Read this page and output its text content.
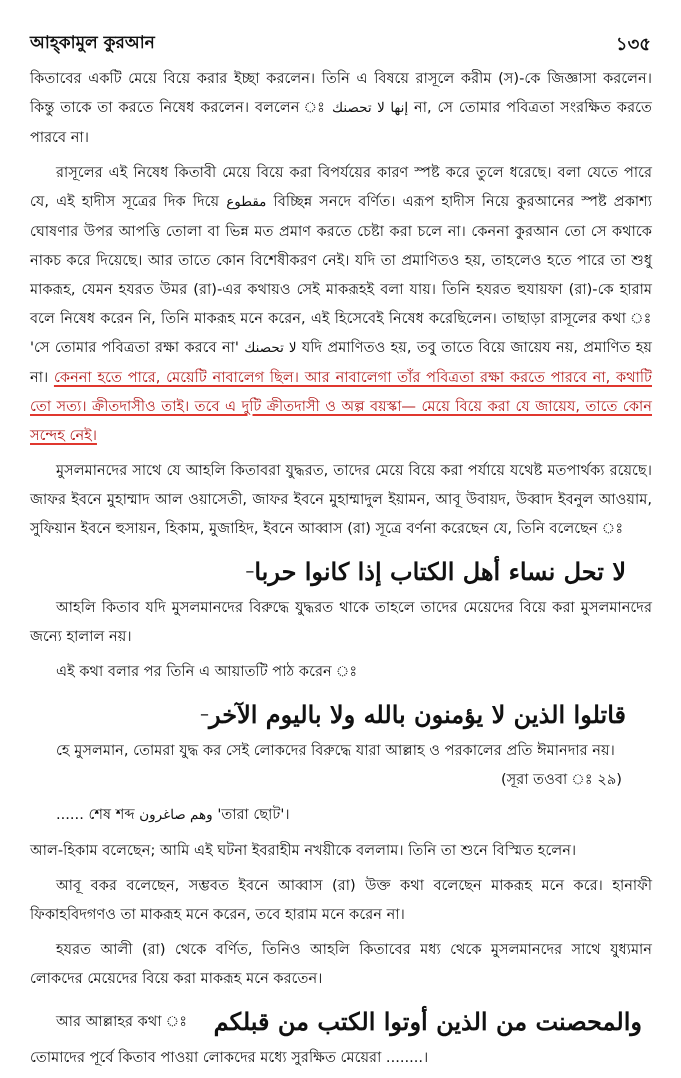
আহ্‌কামুল কুরআন	১৩৫

কিতাবের একটি মেয়ে বিয়ে করার ইচ্ছা করলেন। তিনি এ বিষয়ে রাসূলে করীম (স)-কে জিজ্ঞাসা করলেন। কিন্তু তাকে তা করতে নিষেধ করলেন। বললেন ঃ إنها لا تحصنك না, সে তোমার পবিত্রতা সংরক্ষিত করতে পারবে না।

রাসূলের এই নিষেধ কিতাবী মেয়ে বিয়ে করা বিপর্যয়ের কারণ স্পষ্ট করে তুলে ধরেছে। বলা যেতে পারে যে, এই হাদীস সূত্রের দিক দিয়ে مقطوع বিচ্ছিন্ন সনদে বর্ণিত। এরূপ হাদীস নিয়ে কুরআনের স্পষ্ট প্রকাশ্য ঘোষণার উপর আপত্তি তোলা বা ভিন্ন মত প্রমাণ করতে চেষ্টা করা চলে না। কেননা কুরআন তো সে কথাকে নাকচ করে দিয়েছে। আর তাতে কোন বিশেষীকরণ নেই। যদি তা প্রমাণিতও হয়, তাহলেও হতে পারে তা শুধু মাকরূহ, যেমন হযরত উমর (রা)-এর কথায়ও সেই মাকরূহই বলা যায়। তিনি হযরত হুযায়ফা (রা)-কে হারাম বলে নিষেধ করেন নি, তিনি মাকরূহ মনে করেন, এই হিসেবেই নিষেধ করেছিলেন। তাছাড়া রাসূলের কথা ঃ 'সে তোমার পবিত্রতা রক্ষা করবে না' لا تحصنك যদি প্রমাণিতও হয়, তবু তাতে বিয়ে জায়েয নয়, প্রমাণিত হয় না। কেননা হতে পারে, মেয়েটি নাবালেগ ছিল। আর নাবালেগা তাঁর পবিত্রতা রক্ষা করতে পারবে না, কথাটি তো সত্য। ক্রীতদাসীও তাই। তবে এ দুটি ক্রীতদাসী ও অল্প বয়স্কা— মেয়ে বিয়ে করা যে জায়েয, তাতে কোন সন্দেহ নেই।

মুসলমানদের সাথে যে আহলি কিতাবরা যুদ্ধরত, তাদের মেয়ে বিয়ে করা পর্যায়ে যথেষ্ট মতপার্থক্য রয়েছে। জাফর ইবনে মুহাম্মাদ আল ওয়াসেতী, জাফর ইবনে মুহাম্মাদুল ইয়ামন, আবূ উবায়দ, উব্বাদ ইবনুল আওয়াম, সুফিয়ান ইবনে হুসায়ন, হিকাম, মুজাহিদ, ইবনে আব্বাস (রা) সূত্রে বর্ণনা করেছেন যে, তিনি বলেছেন ঃ

– لا تحل نساء أهل الكتاب إذا كانوا حربا

আহলি কিতাব যদি মুসলমানদের বিরুদ্ধে যুদ্ধরত থাকে তাহলে তাদের মেয়েদের বিয়ে করা মুসলমানদের জন্যে হালাল নয়।

এই কথা বলার পর তিনি এ আয়াতটি পাঠ করেন ঃ

– قاتلوا الذين لا يؤمنون بالله ولا باليوم الآخر

হে মুসলমান, তোমরা যুদ্ধ কর সেই লোকদের বিরুদ্ধে যারা আল্লাহ ও পরকালের প্রতি ঈমানদার নয়।

(সূরা তওবা ঃ ২৯)

...... শেষ শব্দ وهم صاغرون 'তারা ছোট'।

আল-হিকাম বলেছেন; আমি এই ঘটনা ইবরাহীম নখয়ীকে বললাম। তিনি তা শুনে বিস্মিত হলেন।

আবূ বকর বলেছেন, সম্ভবত ইবনে আব্বাস (রা) উক্ত কথা বলেছেন মাকরূহ মনে করে। হানাফী ফিকাহবিদগণও তা মাকরূহ মনে করেন, তবে হারাম মনে করেন না।

হযরত আলী (রা) থেকে বর্ণিত, তিনিও আহলি কিতাবের মধ্য থেকে মুসলমানদের সাথে যুধ্যমান লোকদের মেয়েদের বিয়ে করা মাকরূহ মনে করতেন।

আর আল্লাহর কথা ঃ والمحصنت من الذين أوتوا الكتب من قبلكم

তোমাদের পূর্বে কিতাব পাওয়া লোকদের মধ্যে সুরক্ষিত মেয়েরা ........।
